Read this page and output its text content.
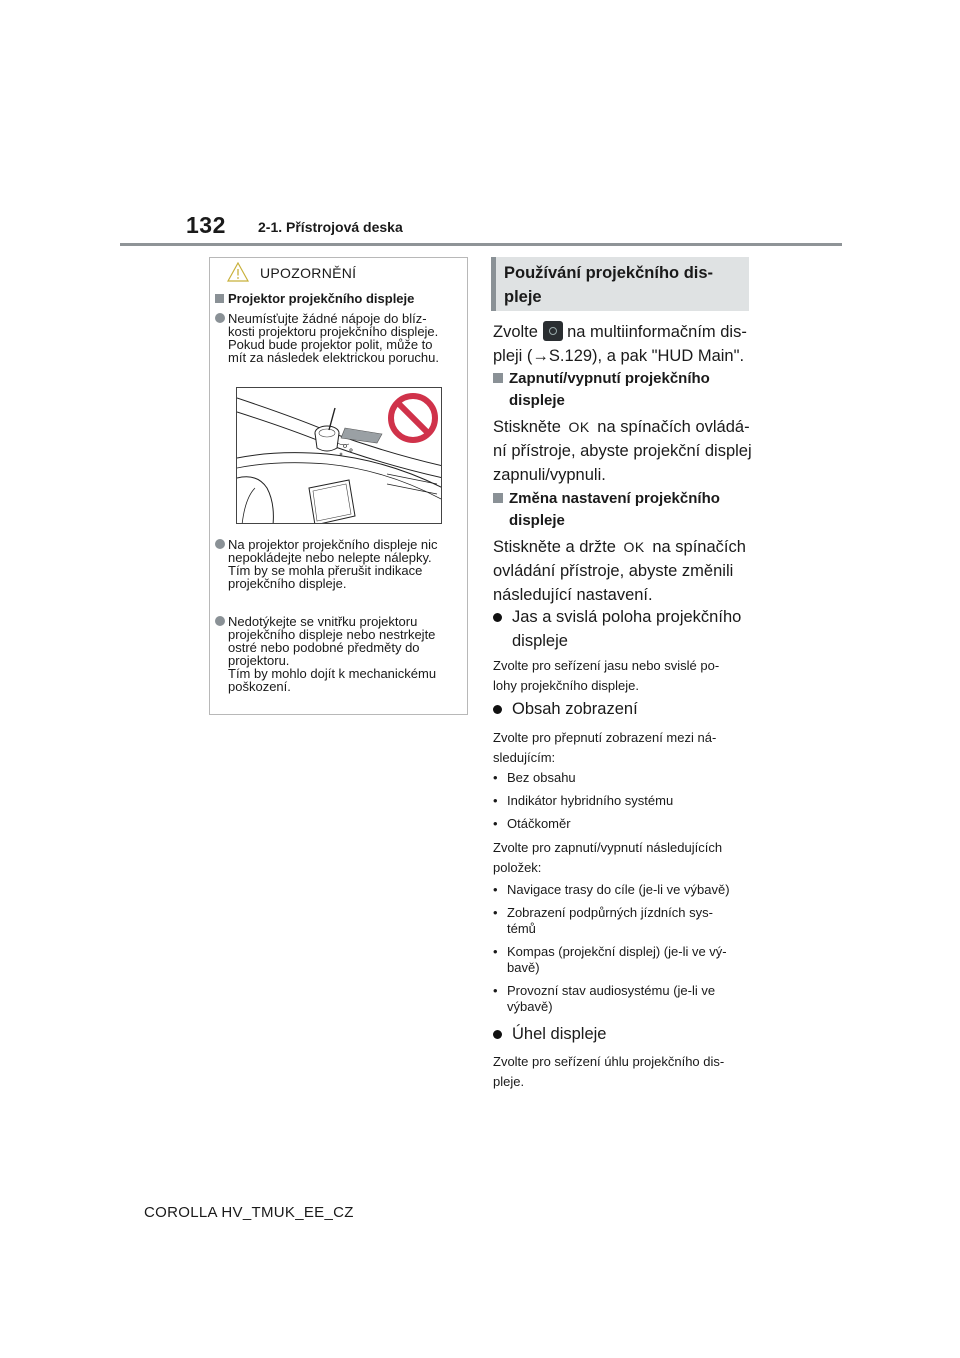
132 2-1. Přístrojová deska
UPOZORNĚNÍ
Projektor projekčního displeje
Neumísťujte žádné nápoje do blíz-
kosti projektoru projekčního displeje.
Pokud bude projektor polit, může to
mít za následek elektrickou poruchu.
Na projektor projekčního displeje nic
nepokládejte nebo nelepte nálepky.
Tím by se mohla přerušit indikace
projekčního displeje.
Nedotýkejte se vnitřku projektoru
projekčního displeje nebo nestrkejte
ostré nebo podobné předměty do
projektoru.
Tím by mohlo dojít k mechanickému
poškození.
Používání projekčního dis-
pleje
Zvolte na multiinformačním dis-
pleji (→S.129), a pak "HUD Main".
Zapnutí/vypnutí projekčního
displeje
Stiskněte OK na spínačích ovládá-
ní přístroje, abyste projekční displej
zapnuli/vypnuli.
Změna nastavení projekčního
displeje
Stiskněte a držte OK na spínačích
ovládání přístroje, abyste změnili
následující nastavení.
Jas a svislá poloha projekčního
displeje
Zvolte pro seřízení jasu nebo svislé po-
lohy projekčního displeje.
Obsah zobrazení
Zvolte pro přepnutí zobrazení mezi ná-
sledujícím:
• Bez obsahu
• Indikátor hybridního systému
• Otáčkoměr
Zvolte pro zapnutí/vypnutí následujících
položek:
• Navigace trasy do cíle (je-li ve výbavě)
• Zobrazení podpůrných jízdních sys-
témů
• Kompas (projekční displej) (je-li ve vý-
bavě)
• Provozní stav audiosystému (je-li ve
výbavě)
Úhel displeje
Zvolte pro seřízení úhlu projekčního dis-
pleje.
COROLLA HV_TMUK_EE_CZ
